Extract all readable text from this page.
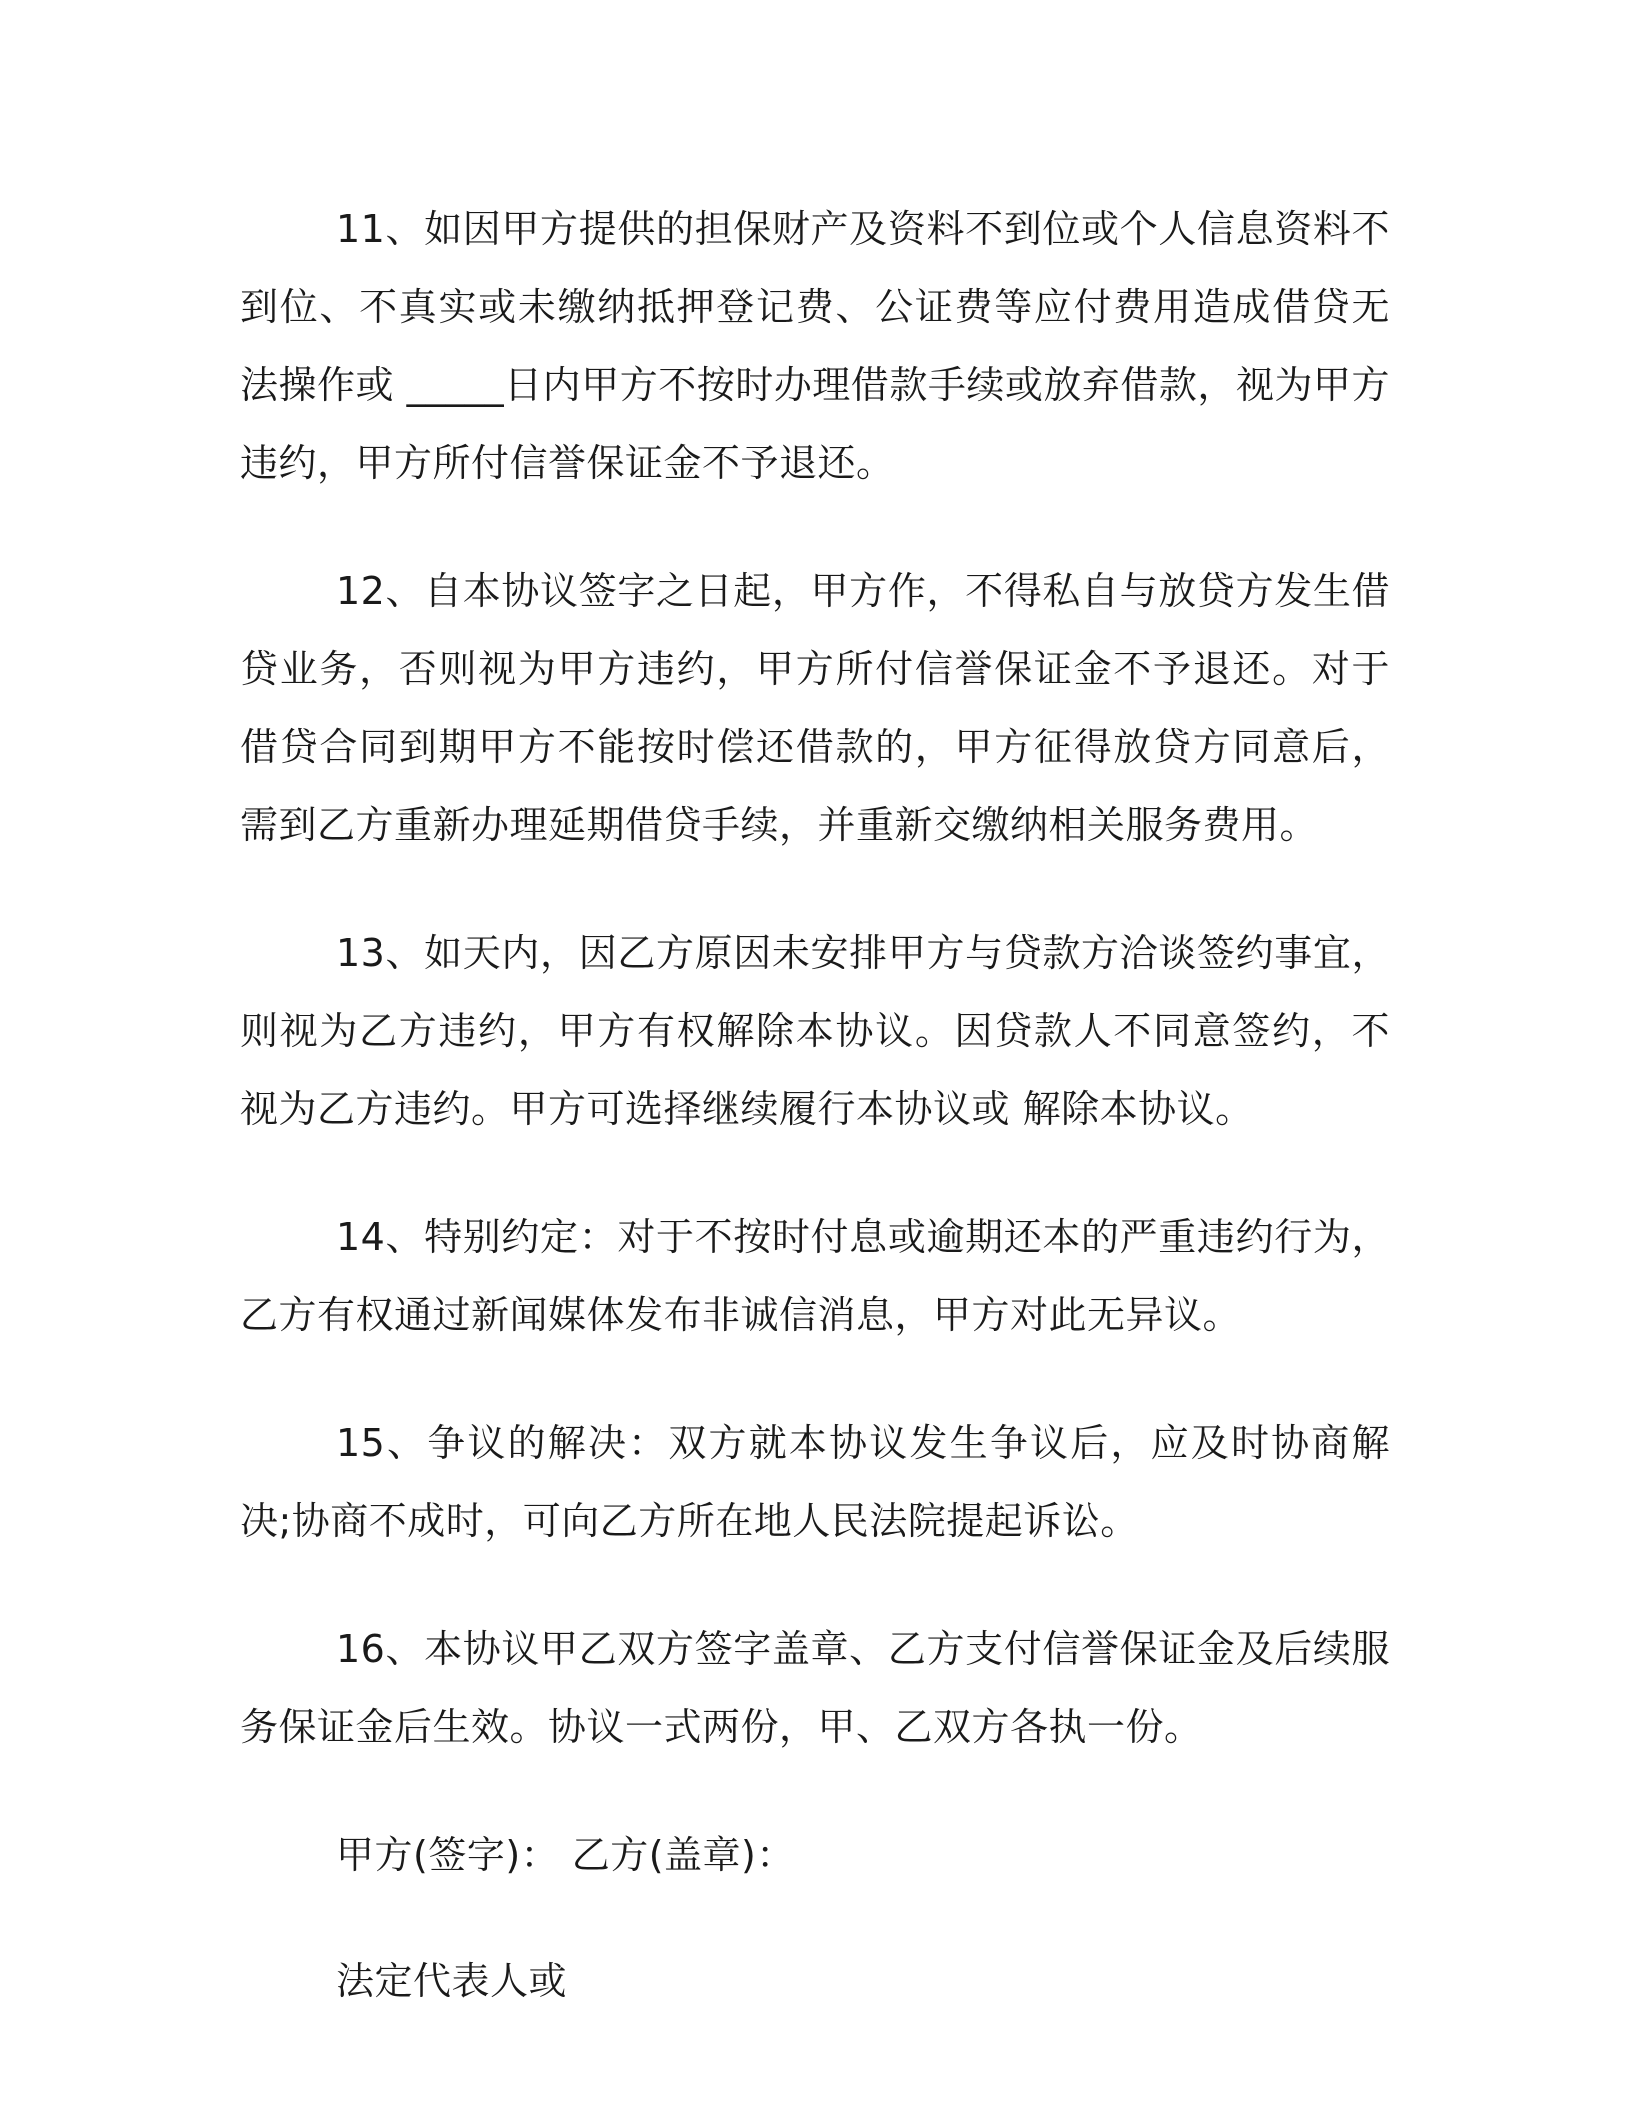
11、如因甲方提供的担保财产及资料不到位或个人信息资料不到位、不真实或未缴纳抵押登记费、公证费等应付费用造成借贷无法操作或 _____日内甲方不按时办理借款手续或放弃借款，视为甲方违约，甲方所付信誉保证金不予退还。

12、自本协议签字之日起，甲方作，不得私自与放贷方发生借贷业务，否则视为甲方违约，甲方所付信誉保证金不予退还。对于借贷合同到期甲方不能按时偿还借款的，甲方征得放贷方同意后，需到乙方重新办理延期借贷手续，并重新交缴纳相关服务费用。

13、如天内，因乙方原因未安排甲方与贷款方洽谈签约事宜，则视为乙方违约，甲方有权解除本协议。因贷款人不同意签约，不视为乙方违约。甲方可选择继续履行本协议或 解除本协议。

14、特别约定：对于不按时付息或逾期还本的严重违约行为，乙方有权通过新闻媒体发布非诚信消息，甲方对此无异议。

15、争议的解决：双方就本协议发生争议后，应及时协商解决;协商不成时，可向乙方所在地人民法院提起诉讼。

16、本协议甲乙双方签字盖章、乙方支付信誉保证金及后续服务保证金后生效。协议一式两份，甲、乙双方各执一份。

甲方(签字)： 乙方(盖章)：

法定代表人或
